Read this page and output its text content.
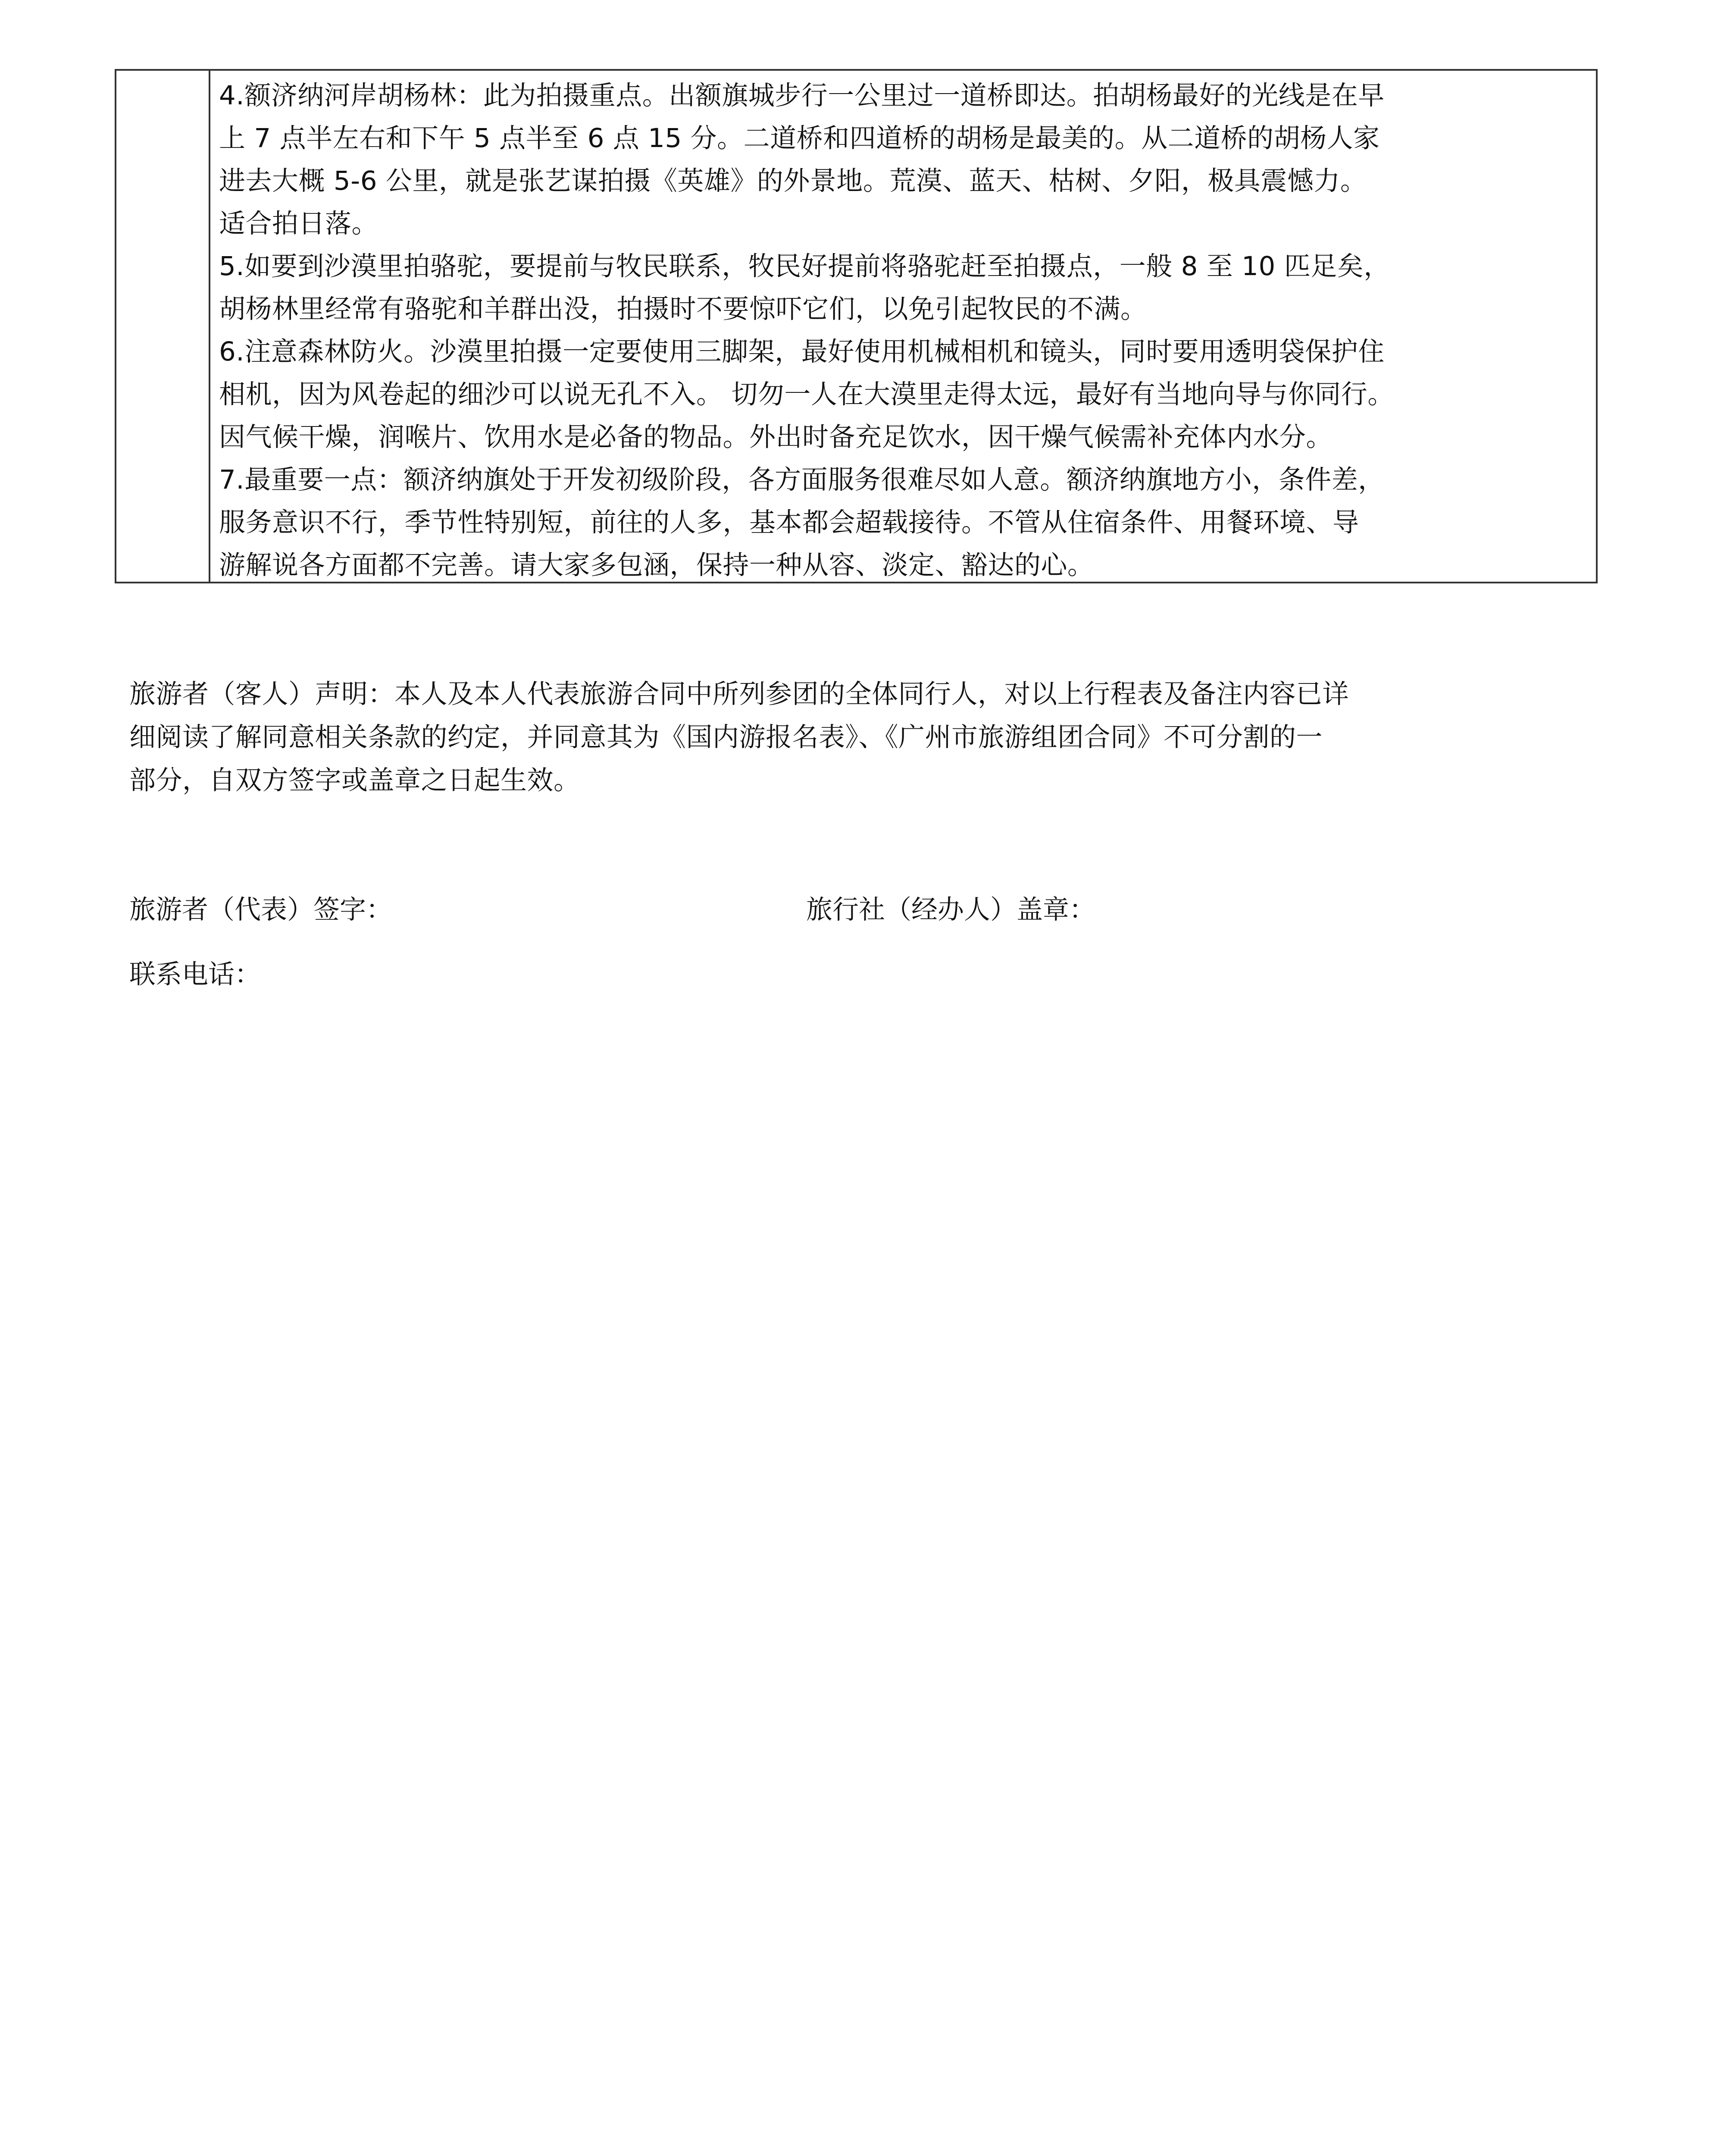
4.额济纳河岸胡杨林：此为拍摄重点。出额旗城步行一公里过一道桥即达。拍胡杨最好的光线是在早
上 7 点半左右和下午 5 点半至 6 点 15 分。二道桥和四道桥的胡杨是最美的。从二道桥的胡杨人家
进去大概 5-6 公里，就是张艺谋拍摄《英雄》的外景地。荒漠、蓝天、枯树、夕阳，极具震憾力。
适合拍日落。
5.如要到沙漠里拍骆驼，要提前与牧民联系，牧民好提前将骆驼赶至拍摄点，一般 8 至 10 匹足矣，
胡杨林里经常有骆驼和羊群出没，拍摄时不要惊吓它们，以免引起牧民的不满。
6.注意森林防火。沙漠里拍摄一定要使用三脚架，最好使用机械相机和镜头，同时要用透明袋保护住
相机，因为风卷起的细沙可以说无孔不入。 切勿一人在大漠里走得太远，最好有当地向导与你同行。
因气候干燥，润喉片、饮用水是必备的物品。外出时备充足饮水，因干燥气候需补充体内水分。
7.最重要一点：额济纳旗处于开发初级阶段，各方面服务很难尽如人意。额济纳旗地方小，条件差，
服务意识不行，季节性特别短，前往的人多，基本都会超载接待。不管从住宿条件、用餐环境、导
游解说各方面都不完善。请大家多包涵，保持一种从容、淡定、豁达的心。
旅游者（客人）声明：本人及本人代表旅游合同中所列参团的全体同行人，对以上行程表及备注内容已详
细阅读了解同意相关条款的约定，并同意其为《国内游报名表》、《广州市旅游组团合同》不可分割的一
部分，自双方签字或盖章之日起生效。
旅游者（代表）签字：	旅行社（经办人）盖章：
联系电话：
